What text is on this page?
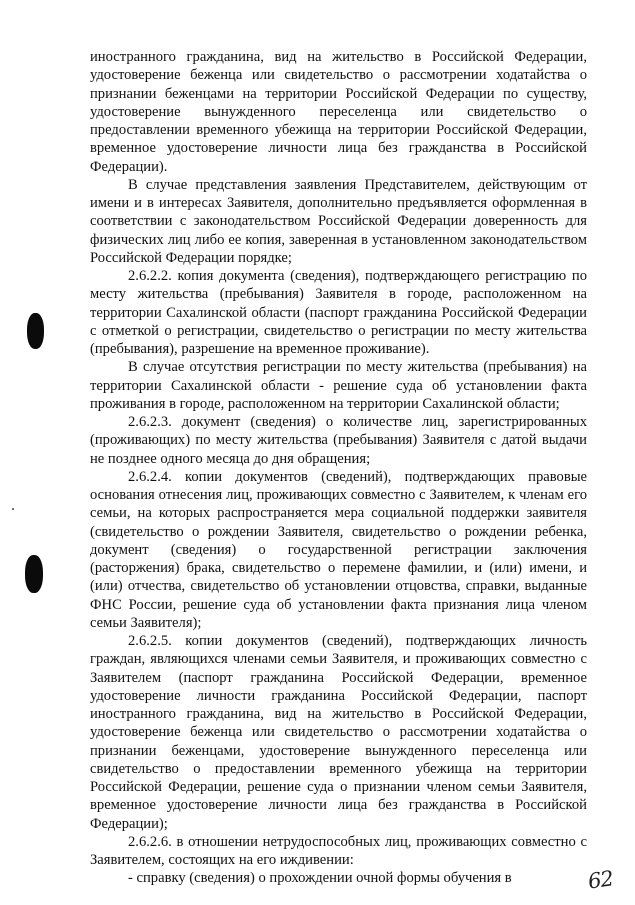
иностранного гражданина, вид на жительство в Российской Федерации, удостоверение беженца или свидетельство о рассмотрении ходатайства о признании беженцами на территории Российской Федерации по существу, удостоверение вынужденного переселенца или свидетельство о предоставлении временного убежища на территории Российской Федерации, временное удостоверение личности лица без гражданства в Российской Федерации).

В случае представления заявления Представителем, действующим от имени и в интересах Заявителя, дополнительно предъявляется оформленная в соответствии с законодательством Российской Федерации доверенность для физических лиц либо ее копия, заверенная в установленном законодательством Российской Федерации порядке;

2.6.2.2. копия документа (сведения), подтверждающего регистрацию по месту жительства (пребывания) Заявителя в городе, расположенном на территории Сахалинской области (паспорт гражданина Российской Федерации с отметкой о регистрации, свидетельство о регистрации по месту жительства (пребывания), разрешение на временное проживание).

В случае отсутствия регистрации по месту жительства (пребывания) на территории Сахалинской области - решение суда об установлении факта проживания в городе, расположенном на территории Сахалинской области;

2.6.2.3. документ (сведения) о количестве лиц, зарегистрированных (проживающих) по месту жительства (пребывания) Заявителя с датой выдачи не позднее одного месяца до дня обращения;

2.6.2.4. копии документов (сведений), подтверждающих правовые основания отнесения лиц, проживающих совместно с Заявителем, к членам его семьи, на которых распространяется мера социальной поддержки заявителя (свидетельство о рождении Заявителя, свидетельство о рождении ребенка, документ (сведения) о государственной регистрации заключения (расторжения) брака, свидетельство о перемене фамилии, и (или) имени, и (или) отчества, свидетельство об установлении отцовства, справки, выданные ФНС России, решение суда об установлении факта признания лица членом семьи Заявителя);

2.6.2.5. копии документов (сведений), подтверждающих личность граждан, являющихся членами семьи Заявителя, и проживающих совместно с Заявителем (паспорт гражданина Российской Федерации, временное удостоверение личности гражданина Российской Федерации, паспорт иностранного гражданина, вид на жительство в Российской Федерации, удостоверение беженца или свидетельство о рассмотрении ходатайства о признании беженцами, удостоверение вынужденного переселенца или свидетельство о предоставлении временного убежища на территории Российской Федерации, решение суда о признании членом семьи Заявителя, временное удостоверение личности лица без гражданства в Российской Федерации);

2.6.2.6. в отношении нетрудоспособных лиц, проживающих совместно с Заявителем, состоящих на его иждивении:

- справку (сведения) о прохождении очной формы обучения в	62
